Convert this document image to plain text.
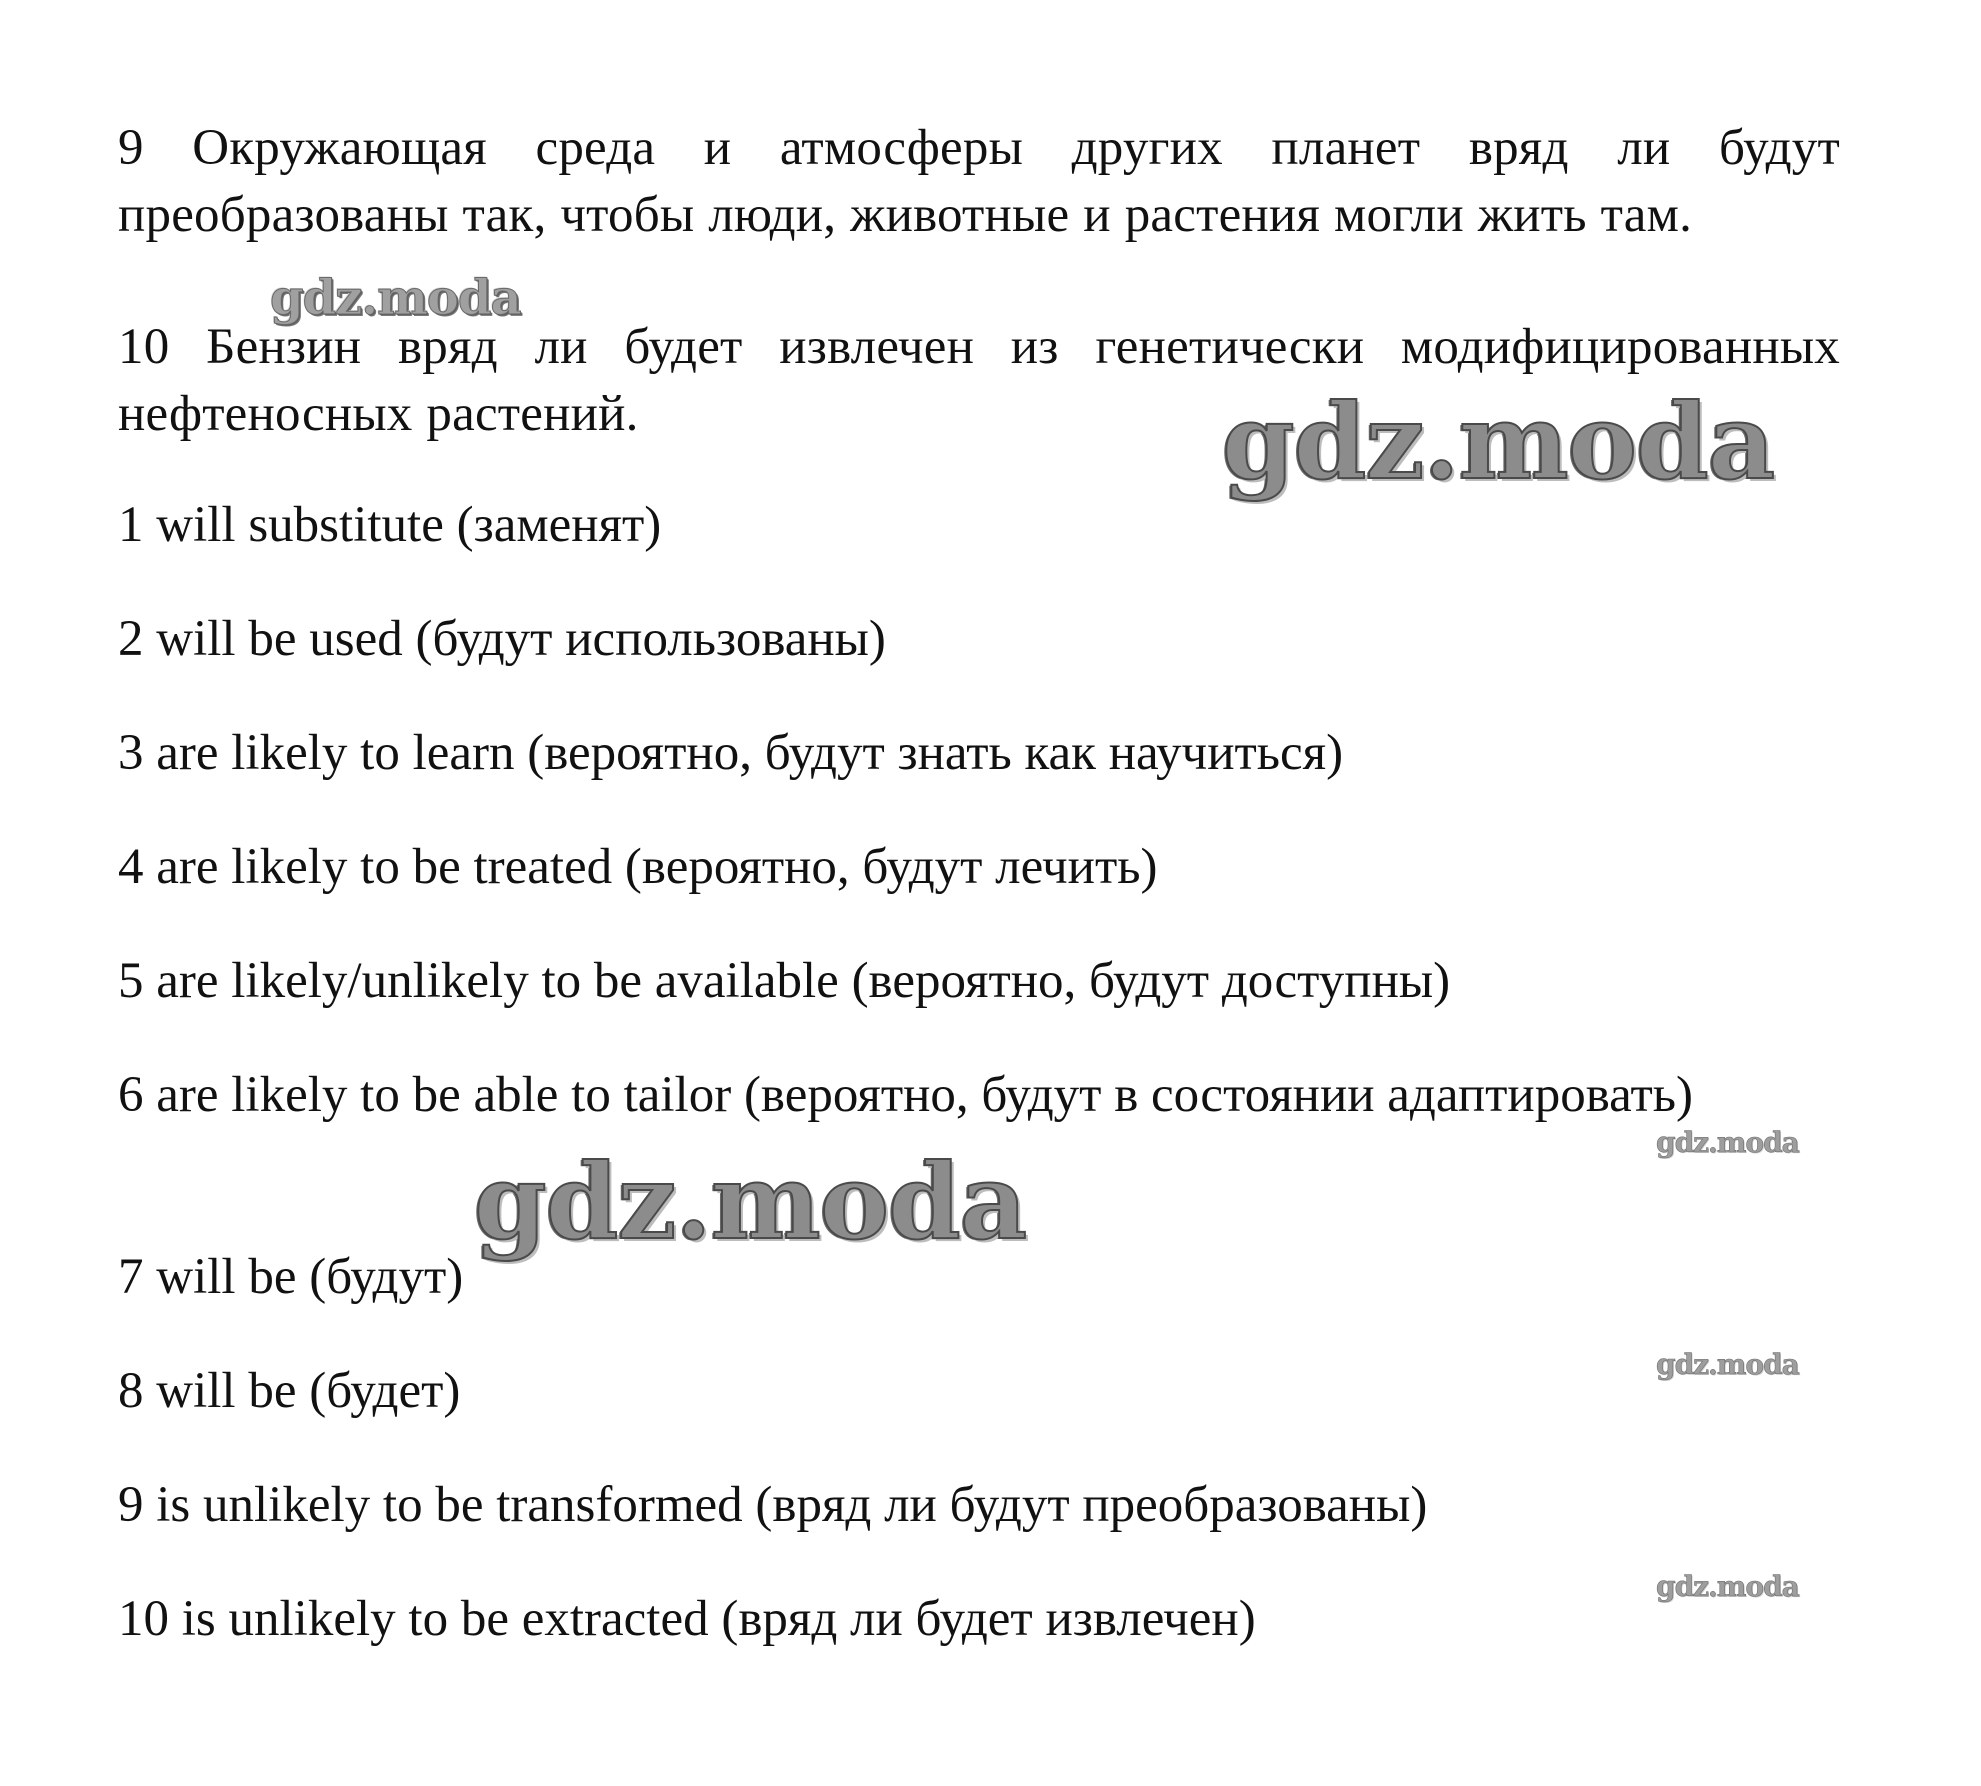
9 Окружающая среда и атмосферы других планет вряд ли будут преобразованы так, чтобы люди, животные и растения могли жить там.

10 Бензин вряд ли будет извлечен из генетически модифицированных нефтеносных растений.

1 will substitute (заменят)
2 will be used (будут использованы)
3 are likely to learn (вероятно, будут знать как научиться)
4 are likely to be treated (вероятно, будут лечить)
5 are likely/unlikely to be available (вероятно, будут доступны)
6 are likely to be able to tailor (вероятно, будут в состоянии адаптировать)
7 will be (будут)
8 will be (будет)
9 is unlikely to be transformed (вряд ли будут преобразованы)
10 is unlikely to be extracted (вряд ли будет извлечен)
gdz.moda
gdz.moda
gdz.moda
gdz.moda
gdz.moda
gdz.moda
